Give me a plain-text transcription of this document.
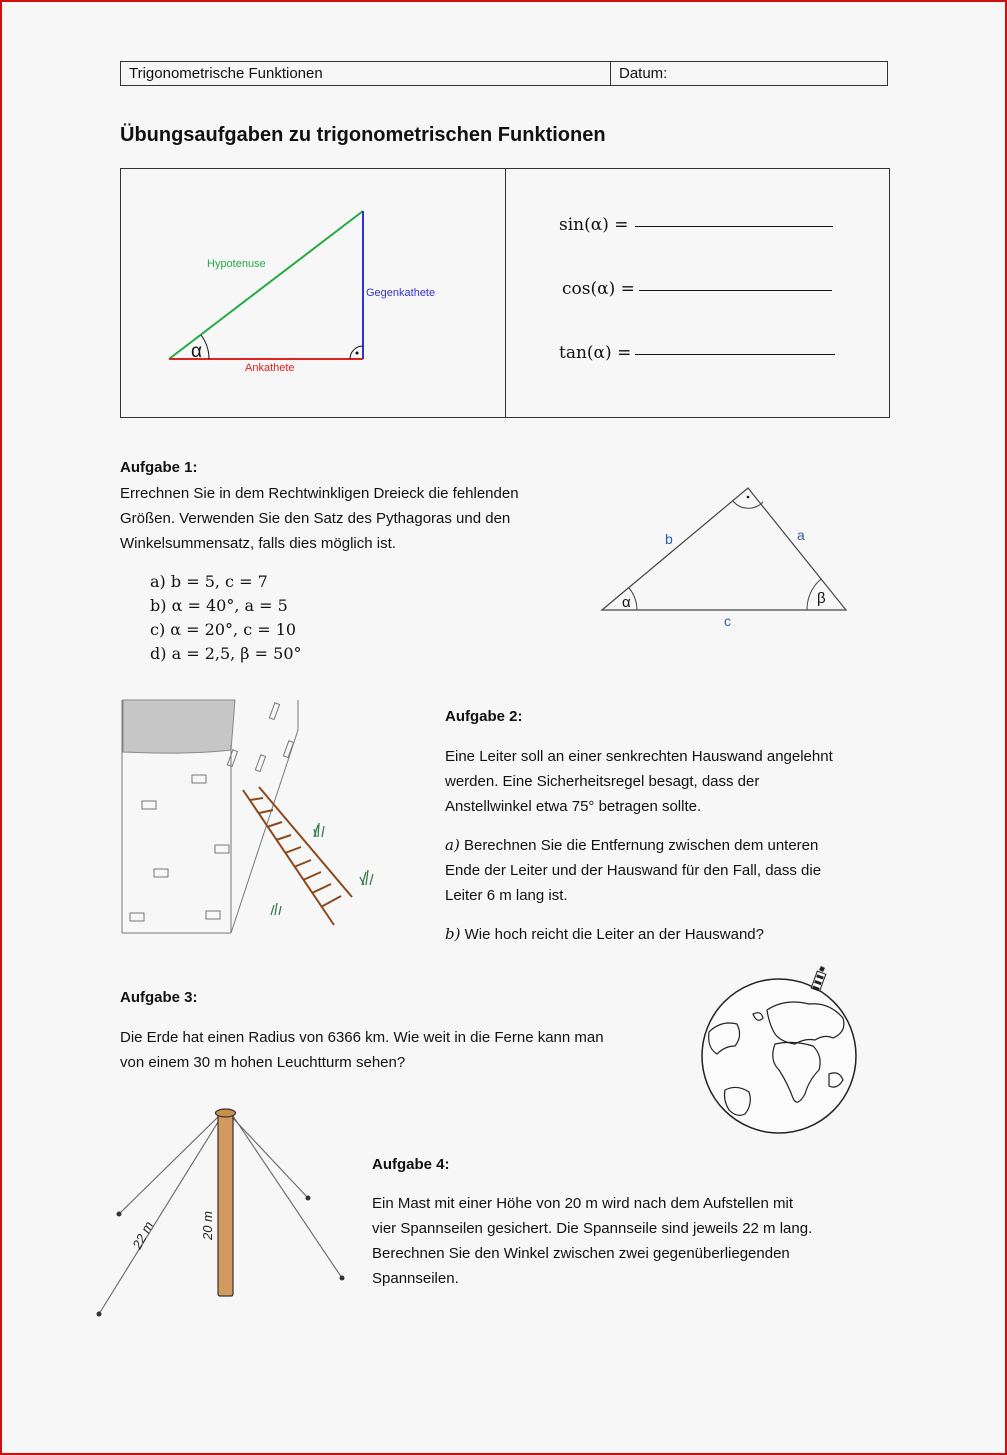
Trigonometrische Funktionen	Datum:
Übungsaufgaben zu trigonometrischen Funktionen
Hypotenuse
Gegenkathete
Ankathete
α
sin(α) =
cos(α) =
tan(α) =
Aufgabe 1:
Errechnen Sie in dem Rechtwinkligen Dreieck die fehlenden
Größen. Verwenden Sie den Satz des Pythagoras und den
Winkelsummensatz, falls dies möglich ist.
a) b = 5, c = 7
b) α = 40°, a = 5
c) α = 20°, c = 10
d) a = 2,5, β = 50°
b	a
c
α	β
Aufgabe 2:
Eine Leiter soll an einer senkrechten Hauswand angelehnt
werden. Eine Sicherheitsregel besagt, dass der
Anstellwinkel etwa 75° betragen sollte.
a) Berechnen Sie die Entfernung zwischen dem unteren
Ende der Leiter und der Hauswand für den Fall, dass die
Leiter 6 m lang ist.
b) Wie hoch reicht die Leiter an der Hauswand?
Aufgabe 3:
Die Erde hat einen Radius von 6366 km. Wie weit in die Ferne kann man
von einem 30 m hohen Leuchtturm sehen?
22 m	20 m
Aufgabe 4:
Ein Mast mit einer Höhe von 20 m wird nach dem Aufstellen mit
vier Spannseilen gesichert. Die Spannseile sind jeweils 22 m lang.
Berechnen Sie den Winkel zwischen zwei gegenüberliegenden
Spannseilen.
